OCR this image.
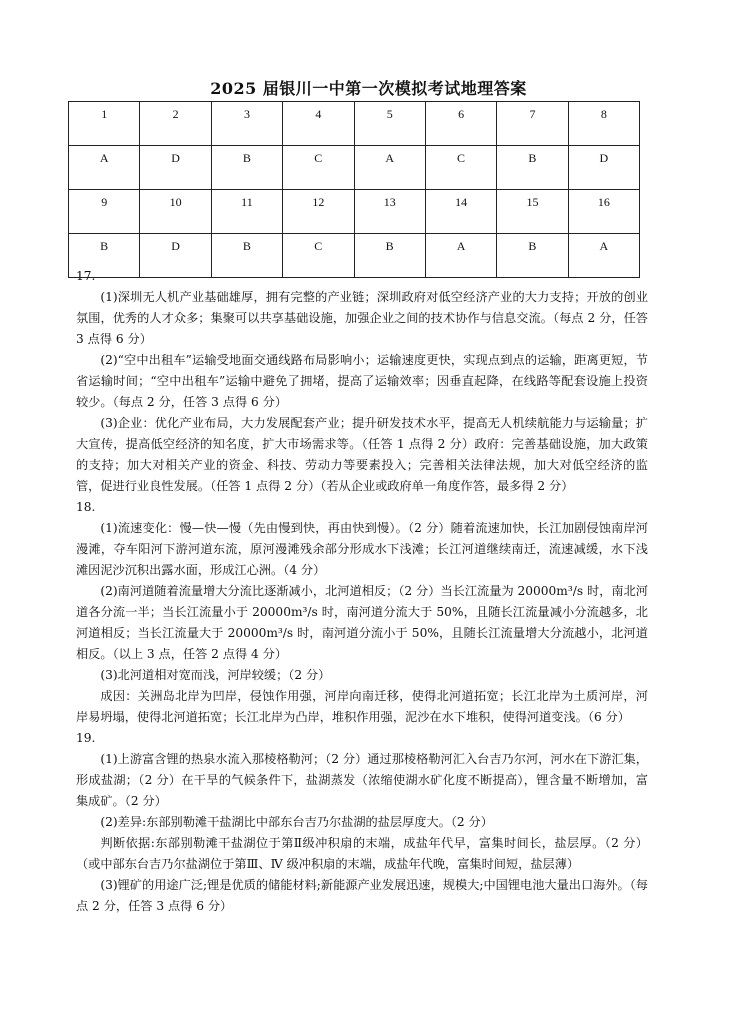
2025 届银川一中第一次模拟考试地理答案
1	2	3	4	5	6	7	8
A	D	B	C	A	C	B	D
9	10	11	12	13	14	15	16
B	D	B	C	B	A	B	A

17.

(1)深圳无人机产业基础雄厚，拥有完整的产业链；深圳政府对低空经济产业的大力支持；开放的创业氛围，优秀的人才众多；集聚可以共享基础设施，加强企业之间的技术协作与信息交流。（每点 2 分，任答 3 点得 6 分）

(2)“空中出租车”运输受地面交通线路布局影响小；运输速度更快，实现点到点的运输，距离更短，节省运输时间；“空中出租车”运输中避免了拥堵，提高了运输效率；因垂直起降，在线路等配套设施上投资较少。（每点 2 分，任答 3 点得 6 分）

(3)企业：优化产业布局，大力发展配套产业；提升研发技术水平，提高无人机续航能力与运输量；扩大宣传，提高低空经济的知名度，扩大市场需求等。（任答 1 点得 2 分）政府：完善基础设施，加大政策的支持；加大对相关产业的资金、科技、劳动力等要素投入；完善相关法律法规，加大对低空经济的监管，促进行业良性发展。（任答 1 点得 2 分）（若从企业或政府单一角度作答，最多得 2 分）

18.

(1)流速变化：慢—快—慢（先由慢到快，再由快到慢）。（2 分）随着流速加快，长江加剧侵蚀南岸河漫滩，夺车阳河下游河道东流，原河漫滩残余部分形成水下浅滩；长江河道继续南迁，流速减缓，水下浅滩因泥沙沉积出露水面，形成江心洲。（4 分）

(2)南河道随着流量增大分流比逐渐减小，北河道相反；（2 分）当长江流量为 20000m³/s 时，南北河道各分流一半；当长江流量小于 20000m³/s 时，南河道分流大于 50%，且随长江流量减小分流越多，北河道相反；当长江流量大于 20000m³/s 时，南河道分流小于 50%，且随长江流量增大分流越小，北河道相反。（以上 3 点，任答 2 点得 4 分）

(3)北河道相对宽而浅，河岸较缓；（2 分）

成因：关洲岛北岸为凹岸，侵蚀作用强，河岸向南迁移，使得北河道拓宽；长江北岸为土质河岸，河岸易坍塌，使得北河道拓宽；长江北岸为凸岸，堆积作用强，泥沙在水下堆积，使得河道变浅。（6 分）

19.

(1)上游富含锂的热泉水流入那棱格勒河；（2 分）通过那棱格勒河汇入台吉乃尔河，河水在下游汇集，形成盐湖；（2 分）在干旱的气候条件下，盐湖蒸发（浓缩使湖水矿化度不断提高），锂含量不断增加，富集成矿。（2 分）

(2)差异:东部别勒滩干盐湖比中部东台吉乃尔盐湖的盐层厚度大。（2 分）

判断依据:东部别勒滩干盐湖位于第Ⅱ级冲积扇的末端，成盐年代早，富集时间长，盐层厚。（2 分）（或中部东台吉乃尔盐湖位于第Ⅲ、Ⅳ 级冲积扇的末端，成盐年代晚，富集时间短，盐层薄）

(3)锂矿的用途广泛;锂是优质的储能材料;新能源产业发展迅速，规模大;中国锂电池大量出口海外。（每点 2 分，任答 3 点得 6 分）
